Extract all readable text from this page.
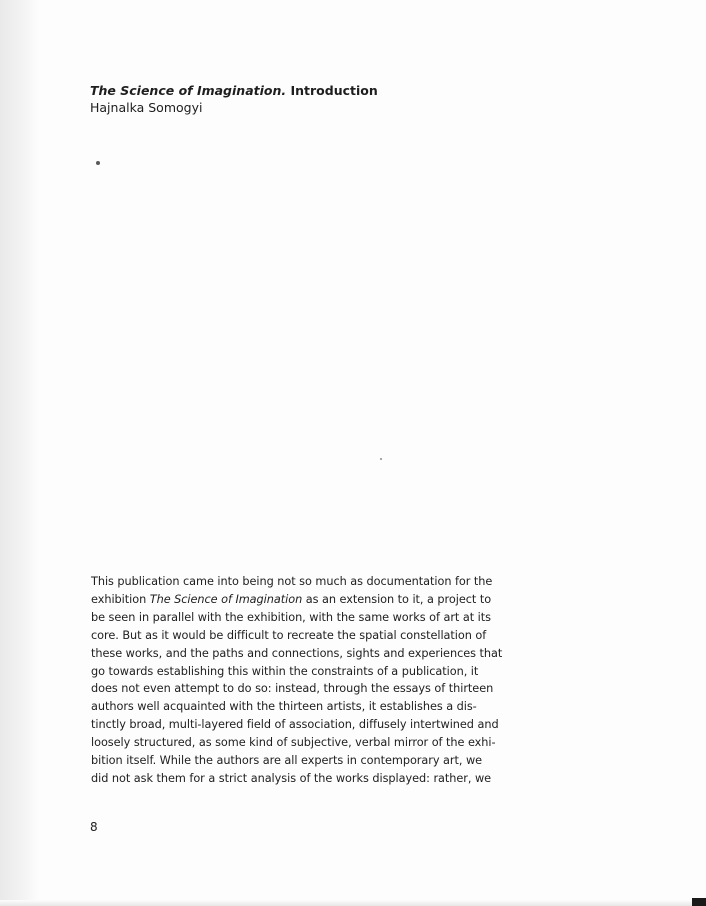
The Science of Imagination. Introduction
Hajnalka Somogyi
This publication came into being not so much as documentation for the
exhibition The Science of Imagination as an extension to it, a project to
be seen in parallel with the exhibition, with the same works of art at its
core. But as it would be difficult to recreate the spatial constellation of
these works, and the paths and connections, sights and experiences that
go towards establishing this within the constraints of a publication, it
does not even attempt to do so: instead, through the essays of thirteen
authors well acquainted with the thirteen artists, it establishes a dis-
tinctly broad, multi-layered field of association, diffusely intertwined and
loosely structured, as some kind of subjective, verbal mirror of the exhi-
bition itself. While the authors are all experts in contemporary art, we
did not ask them for a strict analysis of the works displayed: rather, we
8
